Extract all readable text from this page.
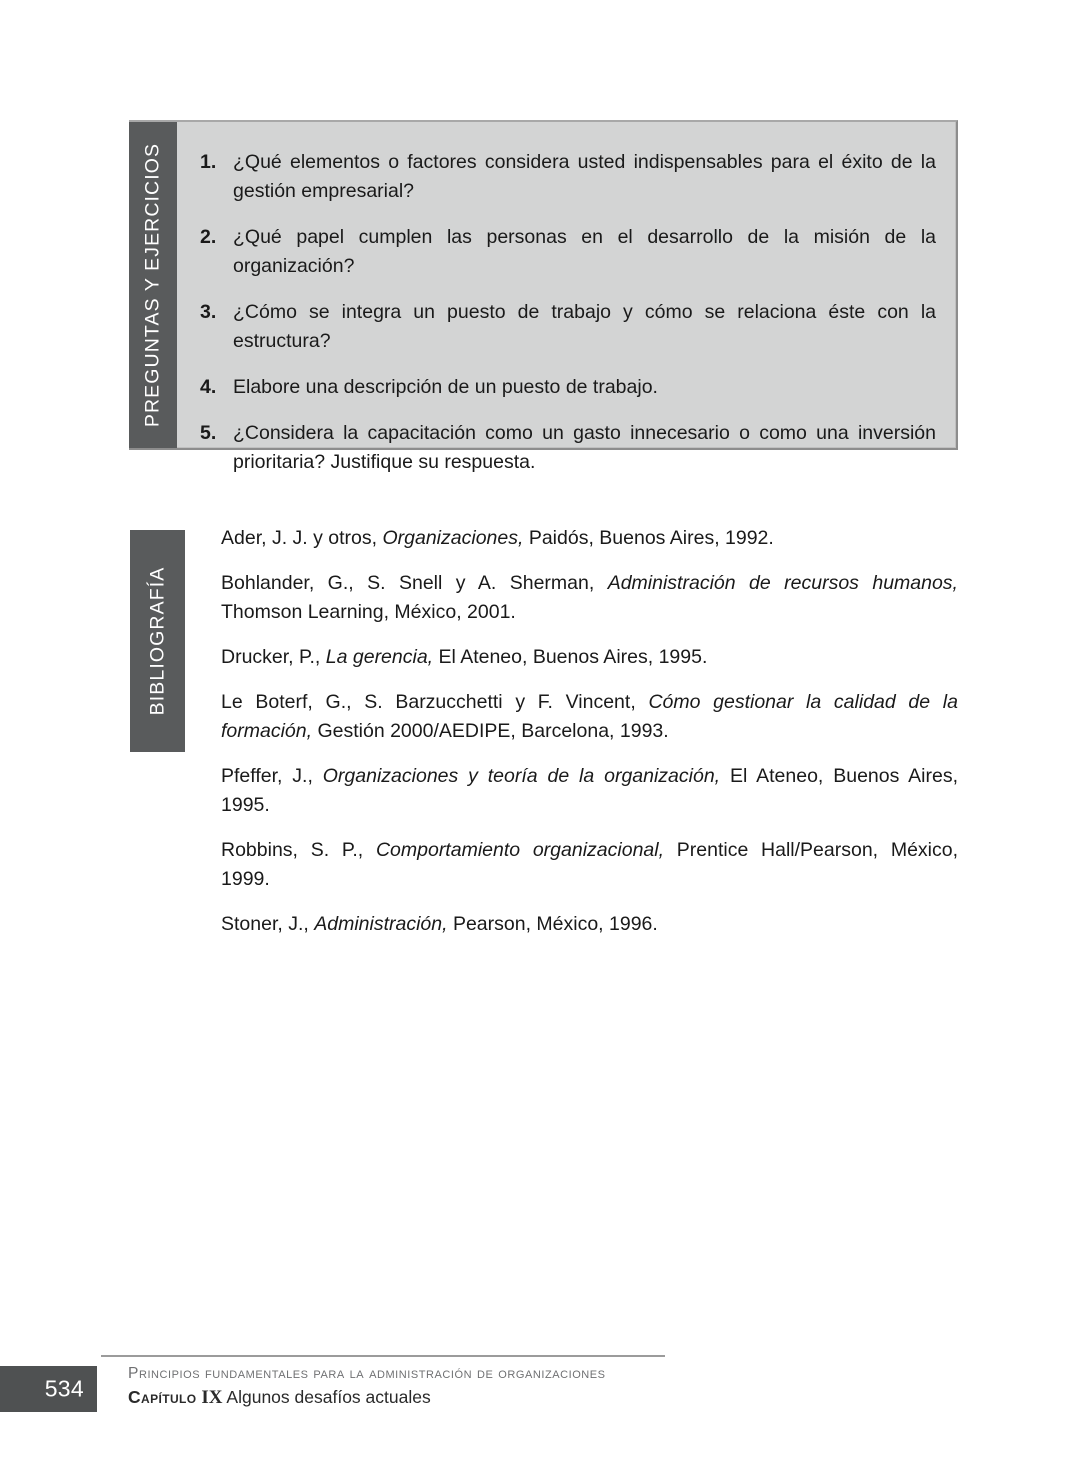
PREGUNTAS Y EJERCICIOS 1. ¿Qué elementos o factores considera usted indispensables para el éxito de la gestión empresarial?
2. ¿Qué papel cumplen las personas en el desarrollo de la misión de la organización?
3. ¿Cómo se integra un puesto de trabajo y cómo se relaciona éste con la estructura?
4. Elabore una descripción de un puesto de trabajo.
5. ¿Considera la capacitación como un gasto innecesario o como una inversión prioritaria? Justifique su respuesta.
BIBLIOGRAFÍA
Ader, J. J. y otros, Organizaciones, Paidós, Buenos Aires, 1992.
Bohlander, G., S. Snell y A. Sherman, Administración de recursos humanos, Thomson Learning, México, 2001.
Drucker, P., La gerencia, El Ateneo, Buenos Aires, 1995.
Le Boterf, G., S. Barzucchetti y F. Vincent, Cómo gestionar la calidad de la formación, Gestión 2000/AEDIPE, Barcelona, 1993.
Pfeffer, J., Organizaciones y teoría de la organización, El Ateneo, Buenos Aires, 1995.
Robbins, S. P., Comportamiento organizacional, Prentice Hall/Pearson, México, 1999.
Stoner, J., Administración, Pearson, México, 1996.
534
Principios fundamentales para la administración de organizaciones
Capítulo IX Algunos desafíos actuales
